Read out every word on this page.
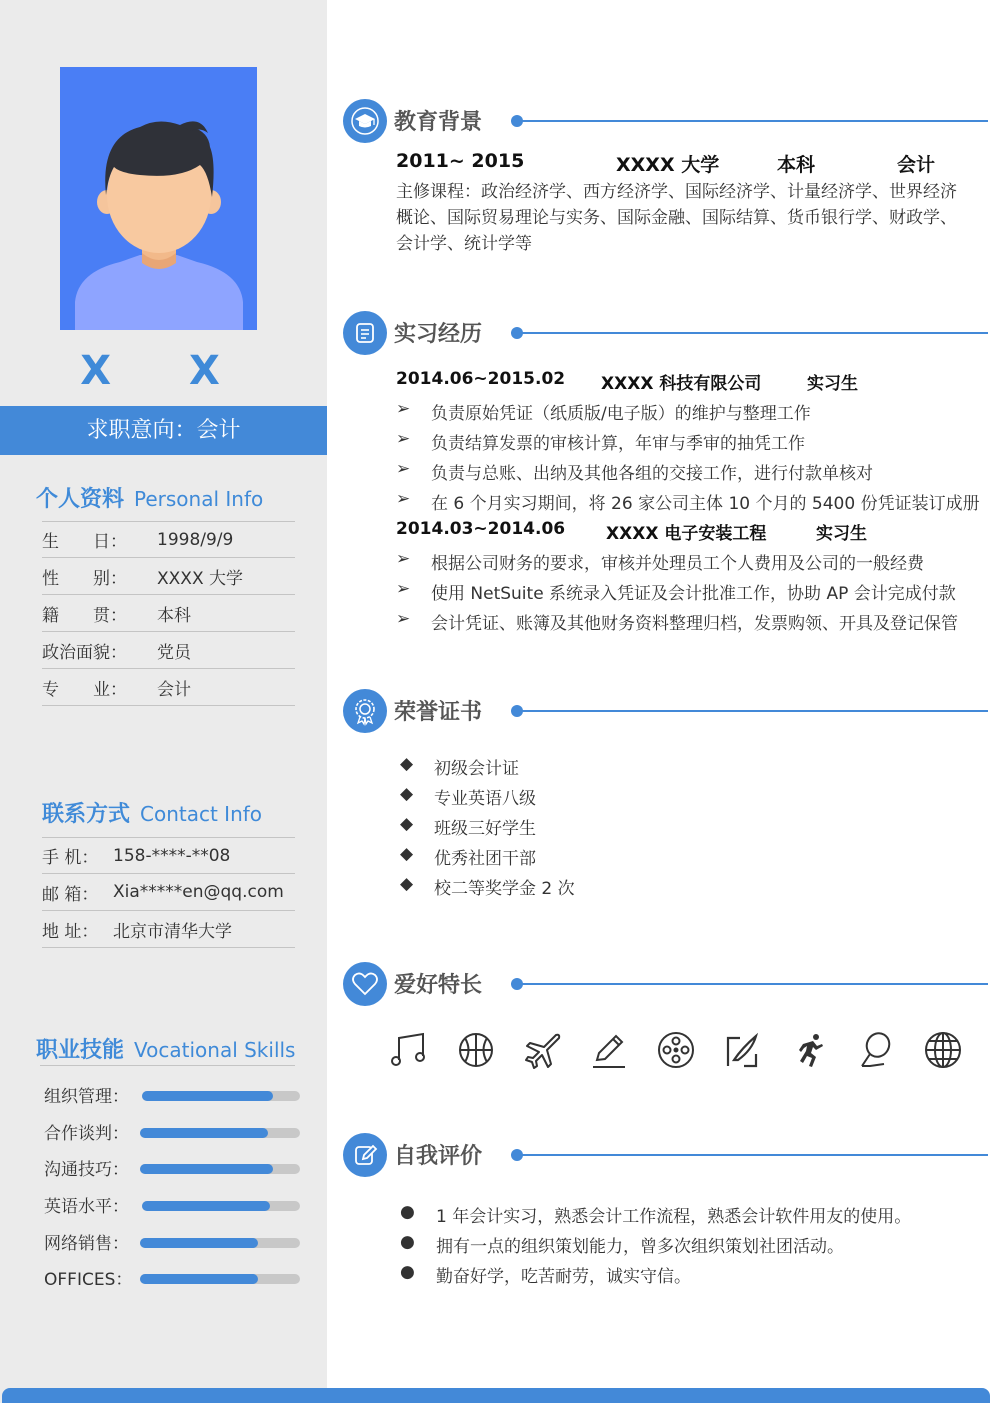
X X
求职意向：会计
个人资料 Personal Info
生　　日： 1998/9/9
性　　别： XXXX 大学
籍　　贯： 本科
政治面貌： 党员
专　　业： 会计
联系方式 Contact Info
手 机： 158-****-**08
邮 箱： Xia*****en@qq.com
地 址： 北京市清华大学
职业技能 Vocational Skills
组织管理：
合作谈判：
沟通技巧：
英语水平：
网络销售：
OFFICES：
教育背景
2011~ 2015	XXXX 大学	本科	会计
主修课程：政治经济学、西方经济学、国际经济学、计量经济学、世界经济概论、国际贸易理论与实务、国际金融、国际结算、货币银行学、财政学、会计学、统计学等
实习经历
2014.06~2015.02 XXXX 科技有限公司	实习生
➢ 负责原始凭证（纸质版/电子版）的维护与整理工作
➢ 负责结算发票的审核计算，年审与季审的抽凭工作
➢ 负责与总账、出纳及其他各组的交接工作，进行付款单核对
➢ 在 6 个月实习期间，将 26 家公司主体 10 个月的 5400 份凭证装订成册
2014.03~2014.06 XXXX 电子安装工程	实习生
➢ 根据公司财务的要求，审核并处理员工个人费用及公司的一般经费
➢ 使用 NetSuite 系统录入凭证及会计批准工作，协助 AP 会计完成付款
➢ 会计凭证、账簿及其他财务资料整理归档，发票购领、开具及登记保管
荣誉证书
◆ 初级会计证
◆ 专业英语八级
◆ 班级三好学生
◆ 优秀社团干部
◆ 校二等奖学金 2 次
爱好特长
自我评价
● 1 年会计实习，熟悉会计工作流程，熟悉会计软件用友的使用。
● 拥有一点的组织策划能力，曾多次组织策划社团活动。
● 勤奋好学，吃苦耐劳，诚实守信。
